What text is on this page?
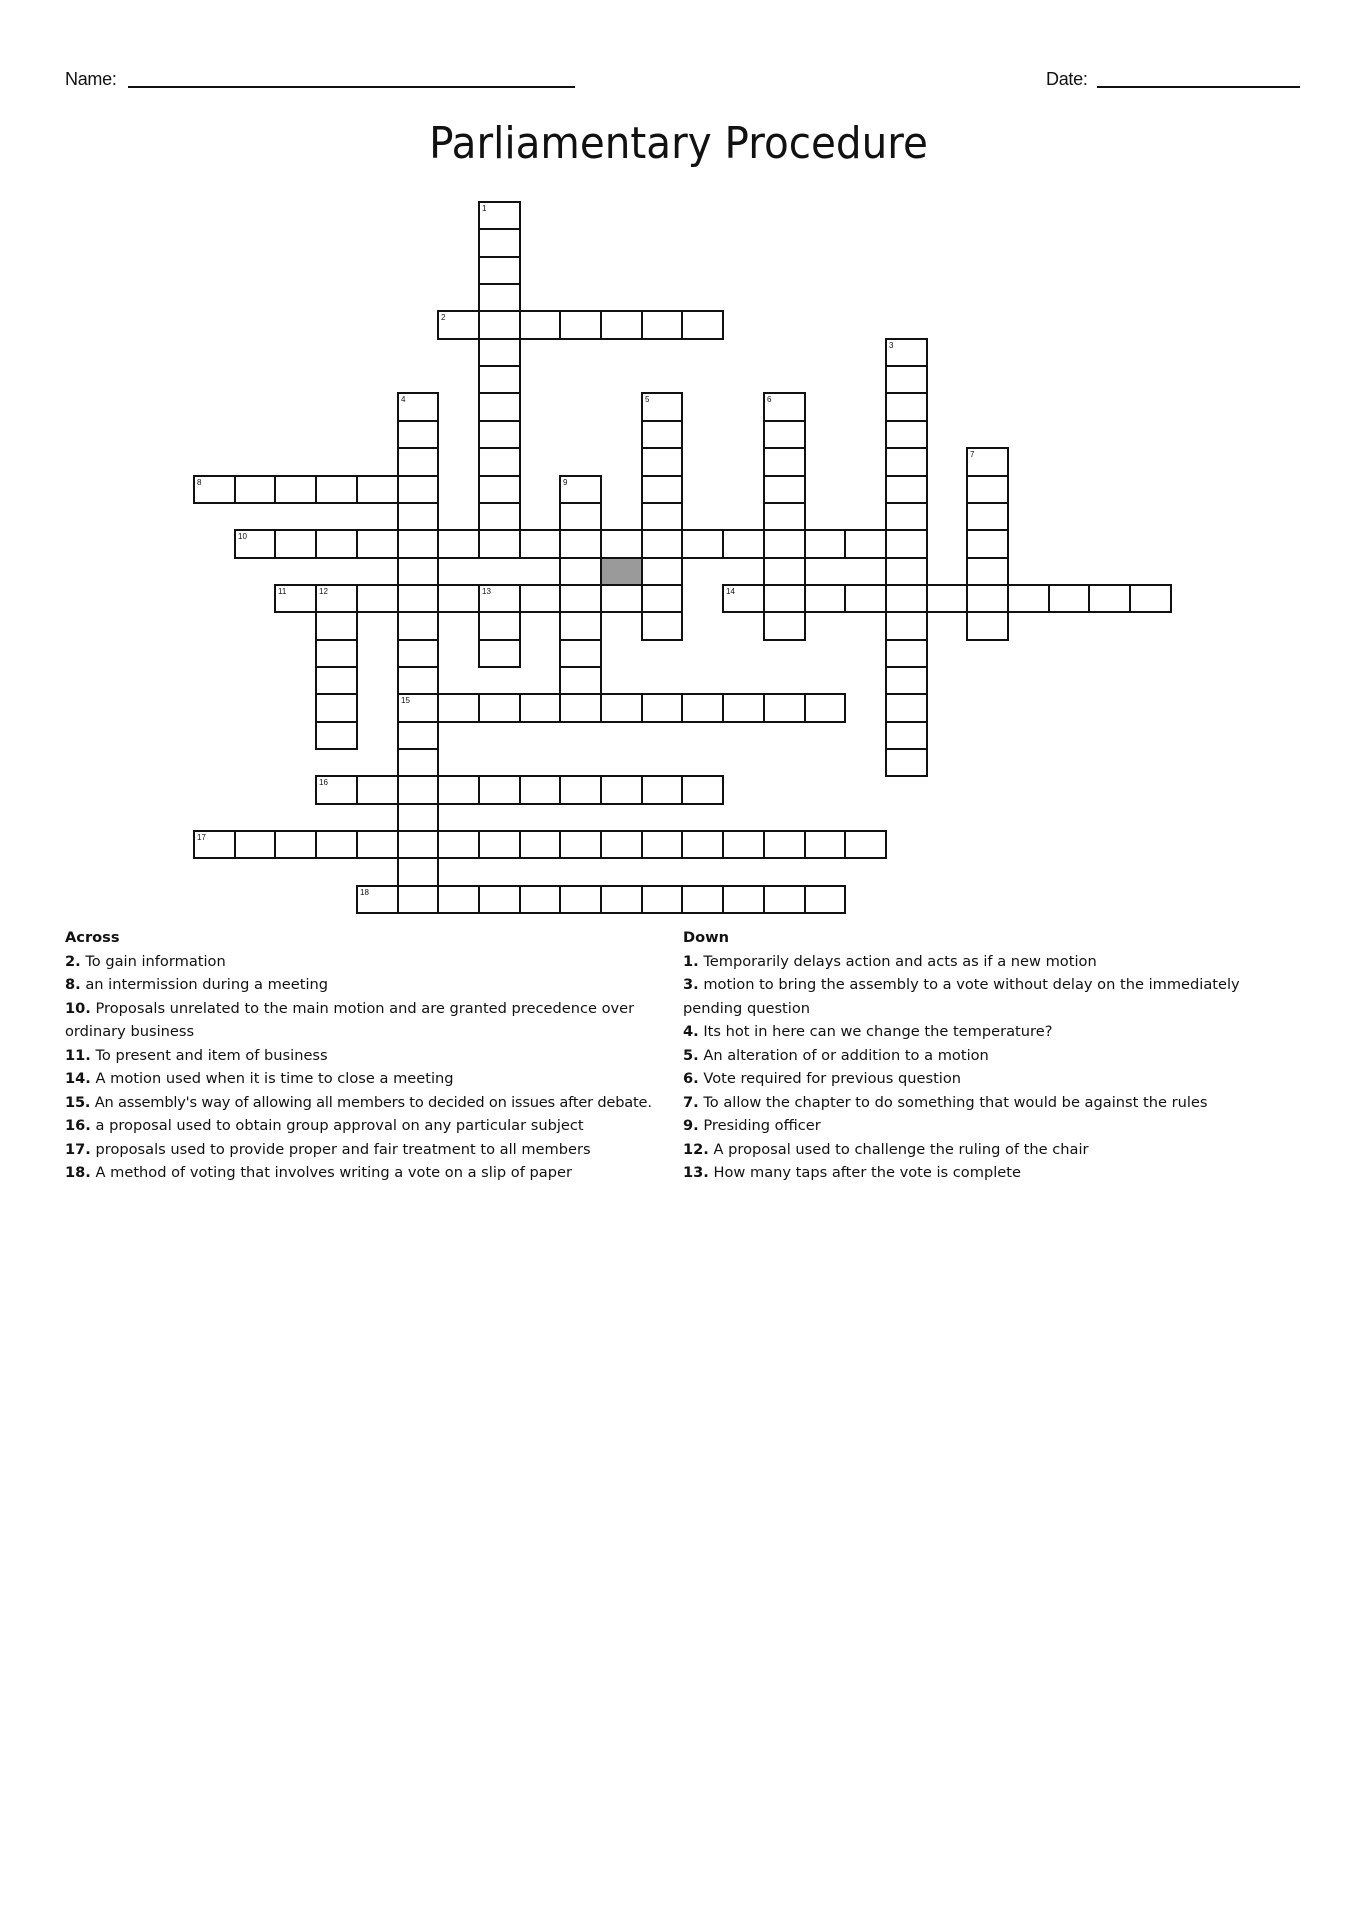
Name:	Date:
Parliamentary Procedure
1
2
3
4
15
5	6
7
8	9
10
11	12	13	14
16
17
18
Across
2. To gain information
8. an intermission during a meeting
10. Proposals unrelated to the main motion and are granted precedence over ordinary business
11. To present and item of business
14. A motion used when it is time to close a meeting
15. An assembly's way of allowing all members to decided on issues after debate.
16. a proposal used to obtain group approval on any particular subject
17. proposals used to provide proper and fair treatment to all members
18. A method of voting that involves writing a vote on a slip of paper
Down
1. Temporarily delays action and acts as if a new motion
3. motion to bring the assembly to a vote without delay on the immediately pending question
4. Its hot in here can we change the temperature?
5. An alteration of or addition to a motion
6. Vote required for previous question
7. To allow the chapter to do something that would be against the rules
9. Presiding officer
12. A proposal used to challenge the ruling of the chair
13. How many taps after the vote is complete
